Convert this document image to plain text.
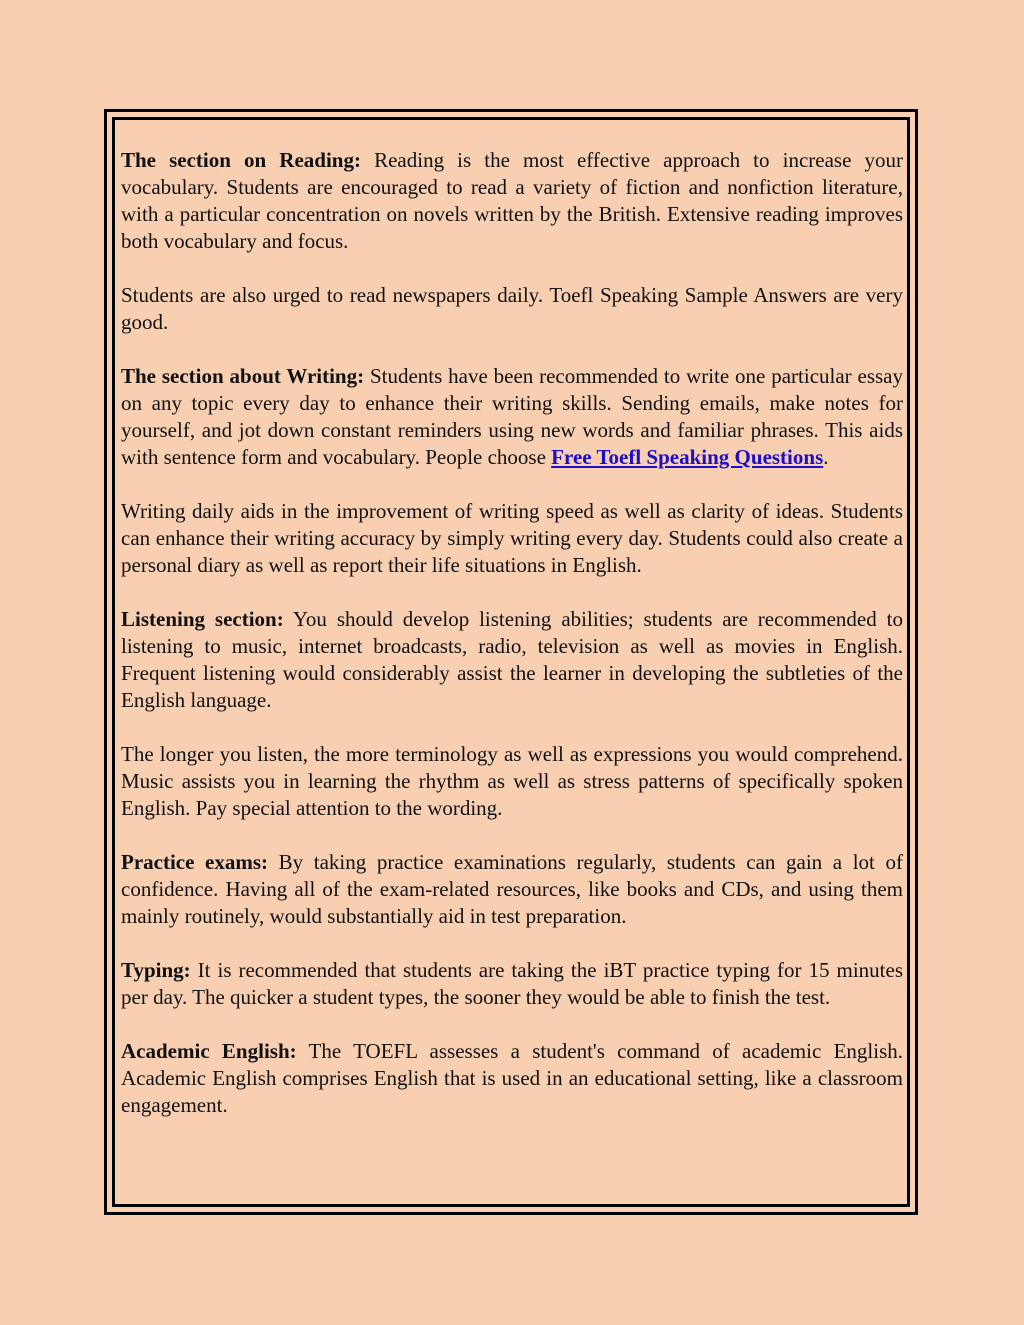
The section on Reading: Reading is the most effective approach to increase your vocabulary. Students are encouraged to read a variety of fiction and nonfiction literature, with a particular concentration on novels written by the British. Extensive reading improves both vocabulary and focus.

Students are also urged to read newspapers daily. Toefl Speaking Sample Answers are very good.

The section about Writing: Students have been recommended to write one particular essay on any topic every day to enhance their writing skills. Sending emails, make notes for yourself, and jot down constant reminders using new words and familiar phrases. This aids with sentence form and vocabulary. People choose Free Toefl Speaking Questions.

Writing daily aids in the improvement of writing speed as well as clarity of ideas. Students can enhance their writing accuracy by simply writing every day. Students could also create a personal diary as well as report their life situations in English.

Listening section: You should develop listening abilities; students are recommended to listening to music, internet broadcasts, radio, television as well as movies in English. Frequent listening would considerably assist the learner in developing the subtleties of the English language.

The longer you listen, the more terminology as well as expressions you would comprehend. Music assists you in learning the rhythm as well as stress patterns of specifically spoken English. Pay special attention to the wording.

Practice exams: By taking practice examinations regularly, students can gain a lot of confidence. Having all of the exam-related resources, like books and CDs, and using them mainly routinely, would substantially aid in test preparation.

Typing: It is recommended that students are taking the iBT practice typing for 15 minutes per day. The quicker a student types, the sooner they would be able to finish the test.

Academic English: The TOEFL assesses a student's command of academic English. Academic English comprises English that is used in an educational setting, like a classroom engagement.
